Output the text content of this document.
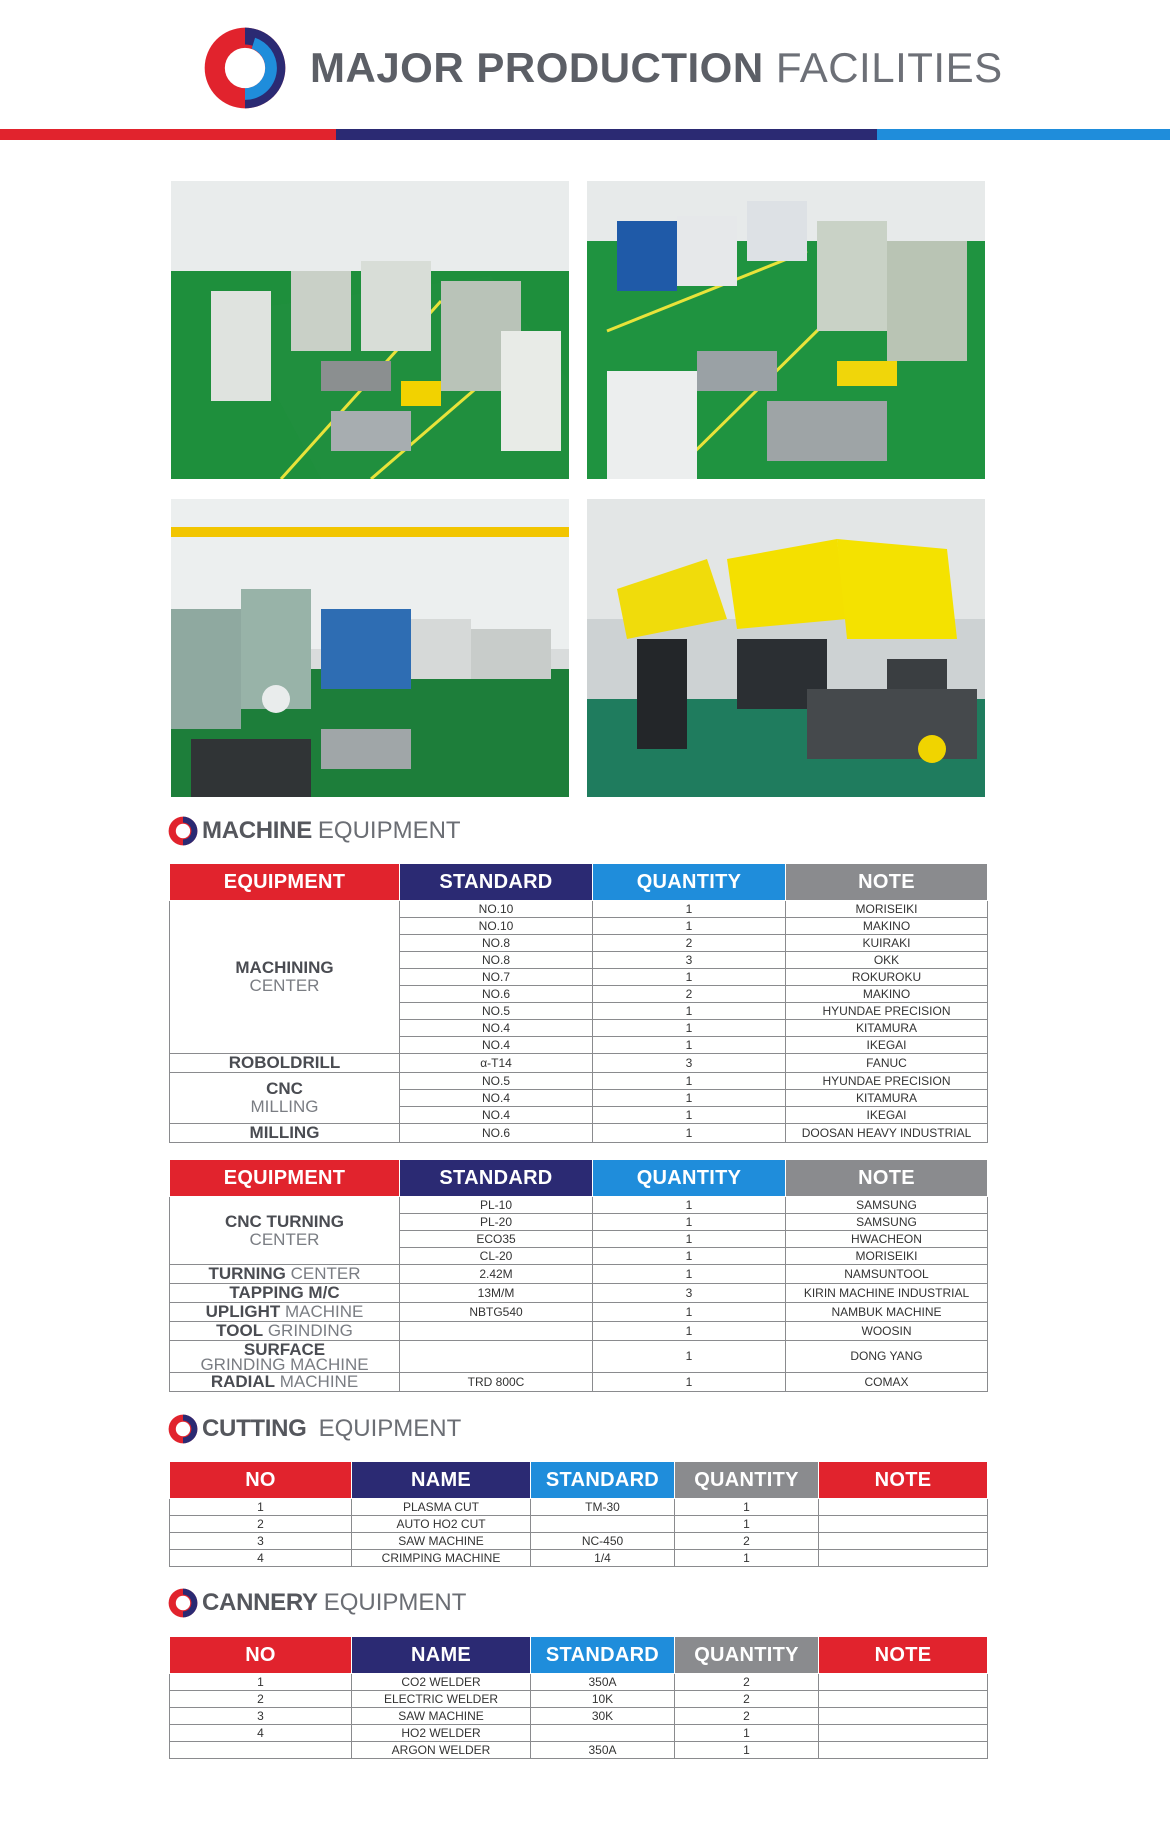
MAJOR PRODUCTION FACILITIES
MACHINE EQUIPMENT
EQUIPMENT	STANDARD	QUANTITY	NOTE
MACHINING
CENTER	NO.10	1	MORISEIKI
	NO.10	1	MAKINO
	NO.8	2	KUIRAKI
	NO.8	3	OKK
	NO.7	1	ROKUROKU
	NO.6	2	MAKINO
	NO.5	1	HYUNDAE PRECISION
	NO.4	1	KITAMURA
	NO.4	1	IKEGAI
ROBOLDRILL	α-T14	3	FANUC
CNC
MILLING	NO.5	1	HYUNDAE PRECISION
	NO.4	1	KITAMURA
	NO.4	1	IKEGAI
MILLING	NO.6	1	DOOSAN HEAVY INDUSTRIAL
EQUIPMENT	STANDARD	QUANTITY	NOTE
CNC TURNING
CENTER	PL-10	1	SAMSUNG
	PL-20	1	SAMSUNG
	ECO35	1	HWACHEON
	CL-20	1	MORISEIKI
TURNING CENTER	2.42M	1	NAMSUNTOOL
TAPPING M/C	13M/M	3	KIRIN MACHINE INDUSTRIAL
UPLIGHT MACHINE	NBTG540	1	NAMBUK MACHINE
TOOL GRINDING		1	WOOSIN
SURFACE
GRINDING MACHINE		1	DONG YANG
RADIAL MACHINE	TRD 800C	1	COMAX
CUTTING EQUIPMENT
NO	NAME	STANDARD	QUANTITY	NOTE
1	PLASMA CUT	TM-30	1	
2	AUTO HO2 CUT		1	
3	SAW MACHINE	NC-450	2	
4	CRIMPING MACHINE	1/4	1	
CANNERY EQUIPMENT
NO	NAME	STANDARD	QUANTITY	NOTE
1	CO2 WELDER	350A	2	
2	ELECTRIC WELDER	10K	2	
3	SAW MACHINE	30K	2	
4	HO2 WELDER		1	
	ARGON WELDER	350A	1	
